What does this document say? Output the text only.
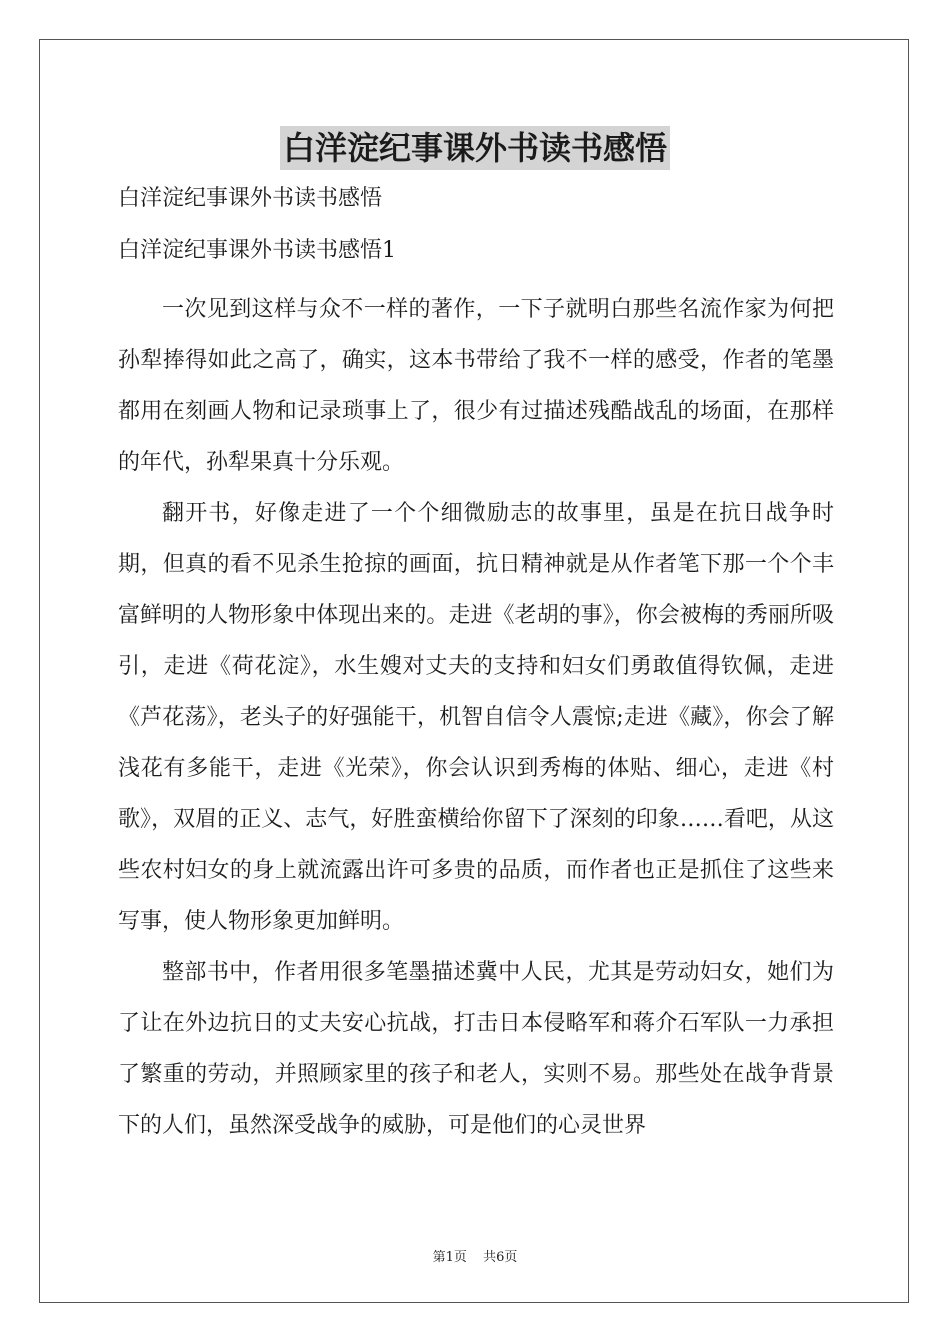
白洋淀纪事课外书读书感悟
白洋淀纪事课外书读书感悟
白洋淀纪事课外书读书感悟1

一次见到这样与众不一样的著作，一下子就明白那些名流作家为何把孙犁捧得如此之高了，确实，这本书带给了我不一样的感受，作者的笔墨都用在刻画人物和记录琐事上了，很少有过描述残酷战乱的场面，在那样的年代，孙犁果真十分乐观。

翻开书，好像走进了一个个细微励志的故事里，虽是在抗日战争时期，但真的看不见杀生抢掠的画面，抗日精神就是从作者笔下那一个个丰富鲜明的人物形象中体现出来的。走进《老胡的事》，你会被梅的秀丽所吸引，走进《荷花淀》，水生嫂对丈夫的支持和妇女们勇敢值得钦佩，走进《芦花荡》，老头子的好强能干，机智自信令人震惊;走进《藏》，你会了解浅花有多能干，走进《光荣》，你会认识到秀梅的体贴、细心，走进《村歌》，双眉的正义、志气，好胜蛮横给你留下了深刻的印象……看吧，从这些农村妇女的身上就流露出许可多贵的品质，而作者也正是抓住了这些来写事，使人物形象更加鲜明。

整部书中，作者用很多笔墨描述冀中人民，尤其是劳动妇女，她们为了让在外边抗日的丈夫安心抗战，打击日本侵略军和蒋介石军队一力承担了繁重的劳动，并照顾家里的孩子和老人，实则不易。那些处在战争背景下的人们，虽然深受战争的威胁，可是他们的心灵世界

第1页 共6页
